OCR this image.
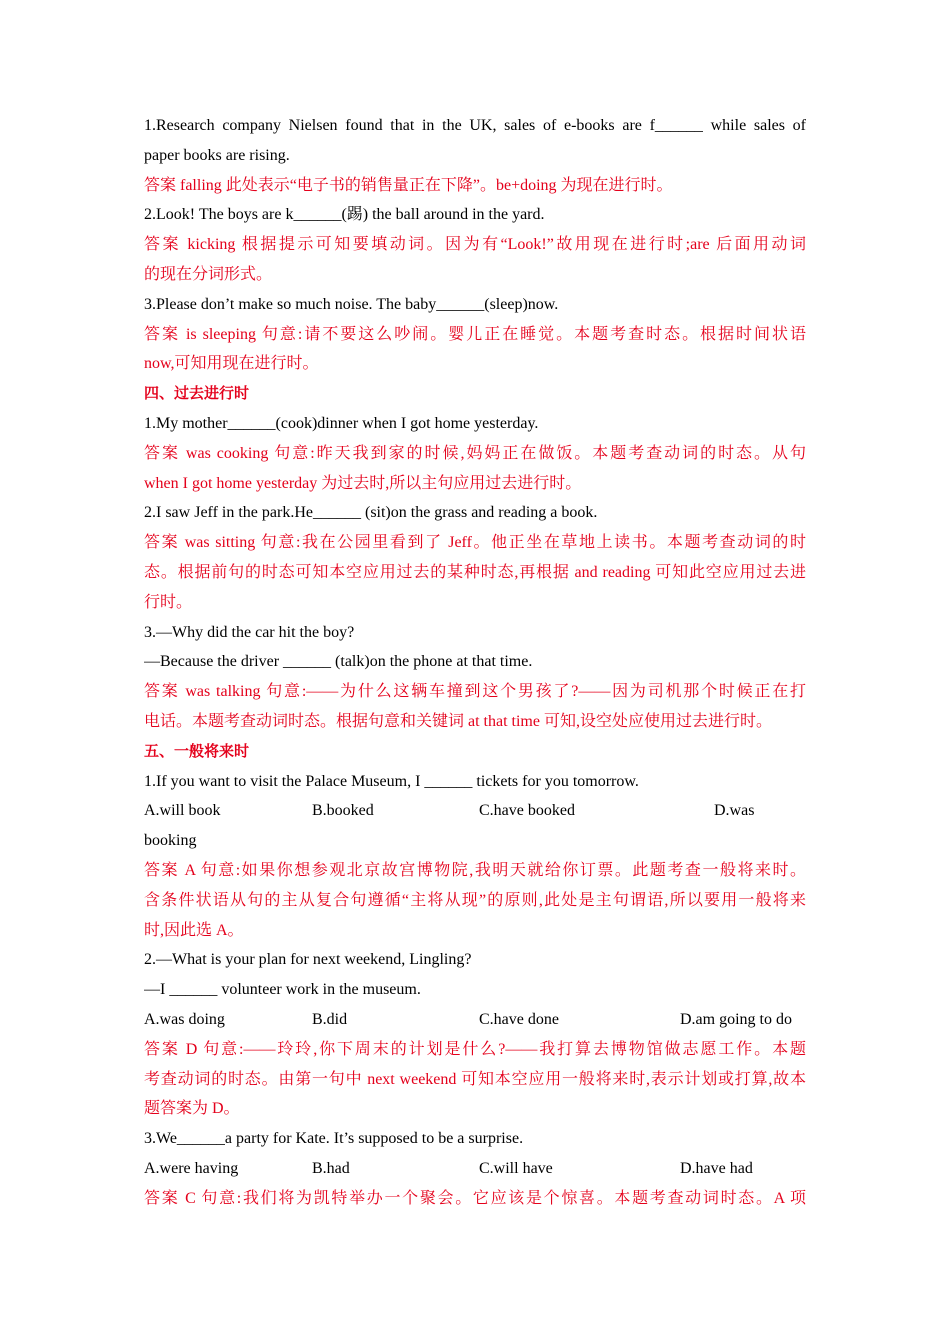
1.Research company Nielsen found that in the UK, sales of e-books are f______ while sales of
paper books are rising.
答案 falling 此处表示“电子书的销售量正在下降”。be+doing 为现在进行时。
2.Look! The boys are k______(踢) the ball around in the yard.
答案 kicking 根据提示可知要填动词。因为有“Look!”故用现在进行时;are 后面用动词
的现在分词形式。
3.Please don’t make so much noise. The baby______(sleep)now.
答案 is sleeping 句意:请不要这么吵闹。婴儿正在睡觉。本题考查时态。根据时间状语
now,可知用现在进行时。
四、过去进行时
1.My mother______(cook)dinner when I got home yesterday.
答案 was cooking 句意:昨天我到家的时候,妈妈正在做饭。本题考查动词的时态。从句
when I got home yesterday 为过去时,所以主句应用过去进行时。
2.I saw Jeff in the park.He______ (sit)on the grass and reading a book.
答案 was sitting 句意:我在公园里看到了 Jeff。他正坐在草地上读书。本题考查动词的时
态。根据前句的时态可知本空应用过去的某种时态,再根据 and reading 可知此空应用过去进
行时。
3.—Why did the car hit the boy?
—Because the driver ______ (talk)on the phone at that time.
答案 was talking 句意:——为什么这辆车撞到这个男孩了?——因为司机那个时候正在打
电话。本题考查动词时态。根据句意和关键词 at that time 可知,设空处应使用过去进行时。
五、一般将来时
1.If you want to visit the Palace Museum, I ______ tickets for you tomorrow.
A.will book	B.booked	C.have booked	D.was
booking
答案 A 句意:如果你想参观北京故宫博物院,我明天就给你订票。此题考查一般将来时。
含条件状语从句的主从复合句遵循“主将从现”的原则,此处是主句谓语,所以要用一般将来
时,因此选 A。
2.—What is your plan for next weekend, Lingling?
—I ______ volunteer work in the museum.
A.was doing	B.did	C.have done	D.am going to do
答案 D 句意:——玲玲,你下周末的计划是什么?——我打算去博物馆做志愿工作。本题
考查动词的时态。由第一句中 next weekend 可知本空应用一般将来时,表示计划或打算,故本
题答案为 D。
3.We______a party for Kate. It’s supposed to be a surprise.
A.were having	B.had	C.will have	D.have had
答案 C 句意:我们将为凯特举办一个聚会。它应该是个惊喜。本题考查动词时态。A 项
